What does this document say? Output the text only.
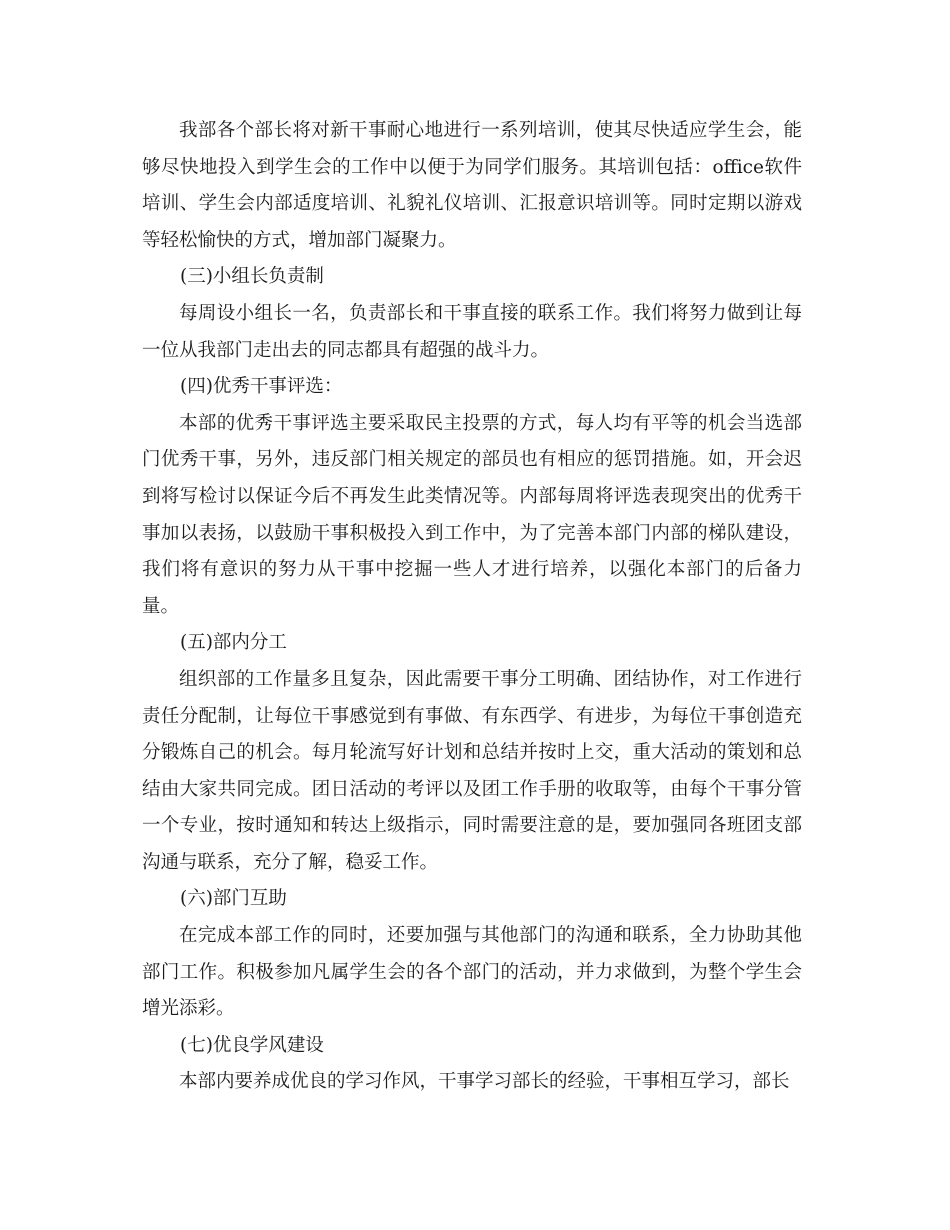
我部各个部长将对新干事耐心地进行一系列培训，使其尽快适应学生会，能够尽快地投入到学生会的工作中以便于为同学们服务。其培训包括：office软件培训、学生会内部适度培训、礼貌礼仪培训、汇报意识培训等。同时定期以游戏等轻松愉快的方式，增加部门凝聚力。

(三)小组长负责制

每周设小组长一名，负责部长和干事直接的联系工作。我们将努力做到让每一位从我部门走出去的同志都具有超强的战斗力。

(四)优秀干事评选：

本部的优秀干事评选主要采取民主投票的方式，每人均有平等的机会当选部门优秀干事，另外，违反部门相关规定的部员也有相应的惩罚措施。如，开会迟到将写检讨以保证今后不再发生此类情况等。内部每周将评选表现突出的优秀干事加以表扬，以鼓励干事积极投入到工作中，为了完善本部门内部的梯队建设，我们将有意识的努力从干事中挖掘一些人才进行培养，以强化本部门的后备力量。

(五)部内分工

组织部的工作量多且复杂，因此需要干事分工明确、团结协作，对工作进行责任分配制，让每位干事感觉到有事做、有东西学、有进步，为每位干事创造充分锻炼自己的机会。每月轮流写好计划和总结并按时上交，重大活动的策划和总结由大家共同完成。团日活动的考评以及团工作手册的收取等，由每个干事分管一个专业，按时通知和转达上级指示，同时需要注意的是，要加强同各班团支部沟通与联系，充分了解，稳妥工作。

(六)部门互助

在完成本部工作的同时，还要加强与其他部门的沟通和联系，全力协助其他部门工作。积极参加凡属学生会的各个部门的活动，并力求做到，为整个学生会增光添彩。

(七)优良学风建设

本部内要养成优良的学习作风，干事学习部长的经验，干事相互学习，部长
